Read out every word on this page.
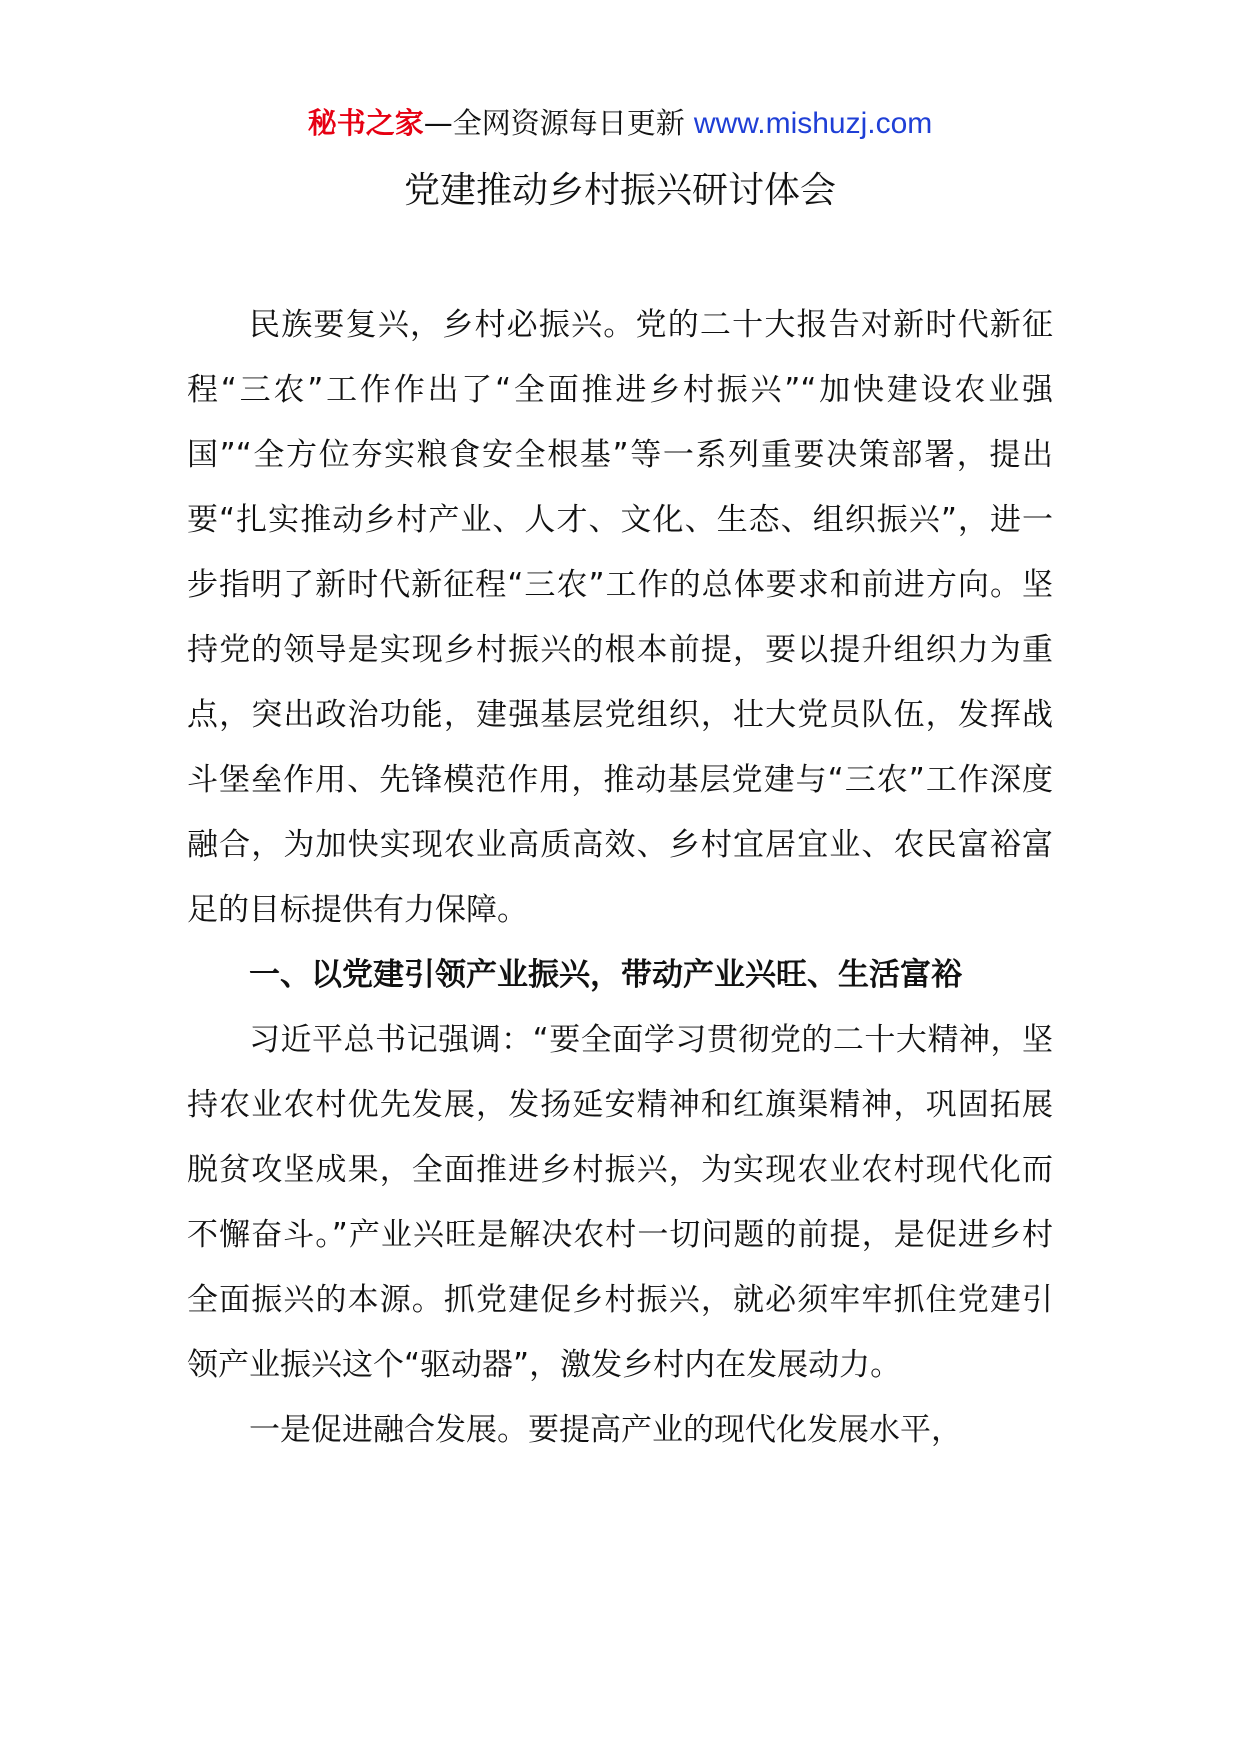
秘书之家—全网资源每日更新 www.mishuzj.com
党建推动乡村振兴研讨体会

民族要复兴，乡村必振兴。党的二十大报告对新时代新征程“三农”工作作出了“全面推进乡村振兴”“加快建设农业强国”“全方位夯实粮食安全根基”等一系列重要决策部署，提出要“扎实推动乡村产业、人才、文化、生态、组织振兴”，进一步指明了新时代新征程“三农”工作的总体要求和前进方向。坚持党的领导是实现乡村振兴的根本前提，要以提升组织力为重点，突出政治功能，建强基层党组织，壮大党员队伍，发挥战斗堡垒作用、先锋模范作用，推动基层党建与“三农”工作深度融合，为加快实现农业高质高效、乡村宜居宜业、农民富裕富足的目标提供有力保障。

一、以党建引领产业振兴，带动产业兴旺、生活富裕

习近平总书记强调：“要全面学习贯彻党的二十大精神，坚持农业农村优先发展，发扬延安精神和红旗渠精神，巩固拓展脱贫攻坚成果，全面推进乡村振兴，为实现农业农村现代化而不懈奋斗。”产业兴旺是解决农村一切问题的前提，是促进乡村全面振兴的本源。抓党建促乡村振兴，就必须牢牢抓住党建引领产业振兴这个“驱动器”，激发乡村内在发展动力。

一是促进融合发展。要提高产业的现代化发展水平，
